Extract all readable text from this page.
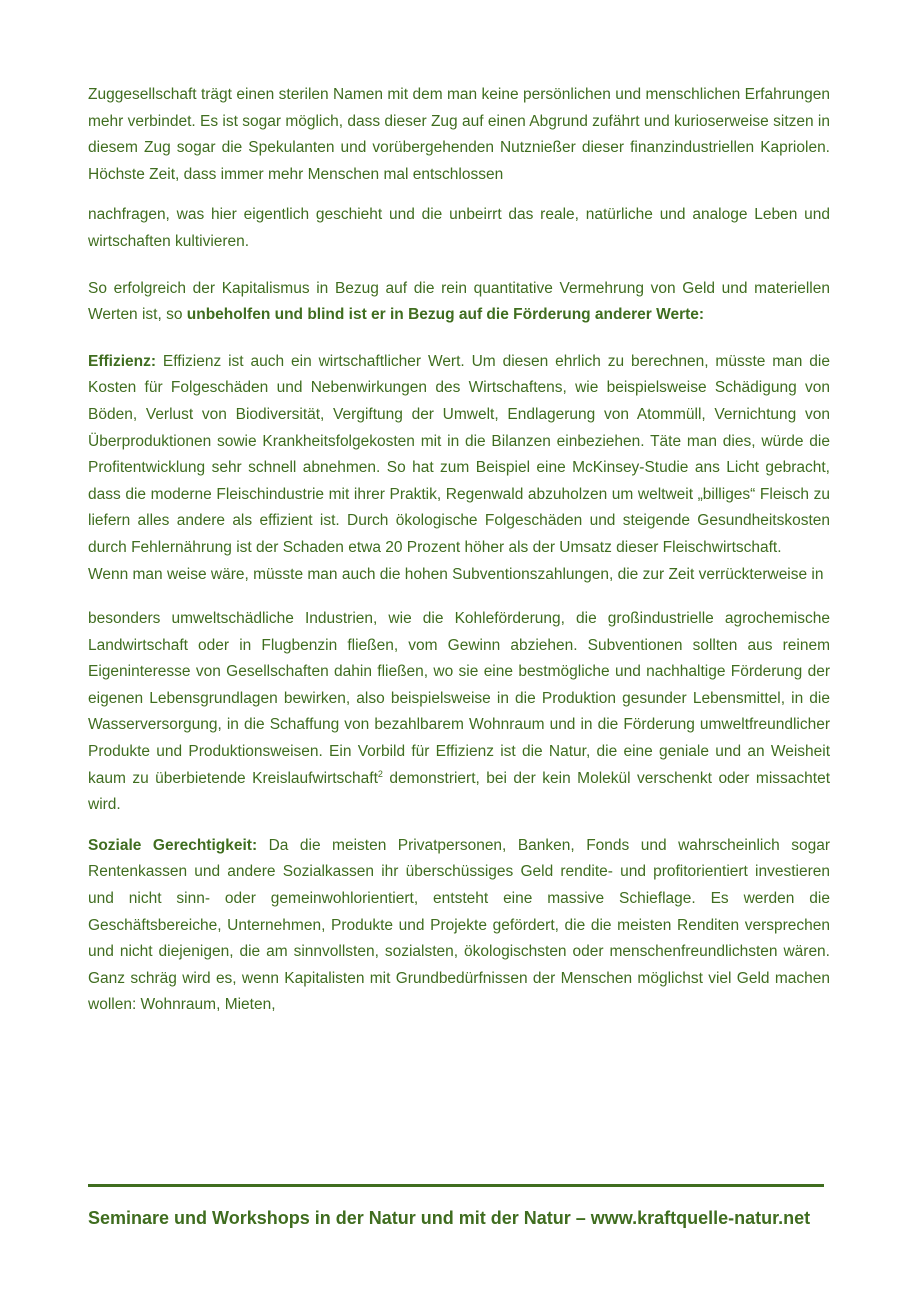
Zuggesellschaft trägt einen sterilen Namen mit dem man keine persönlichen und menschlichen Erfahrungen mehr verbindet. Es ist sogar möglich, dass dieser Zug auf einen Abgrund zufährt und kurioserweise sitzen in diesem Zug sogar die Spekulanten und vorübergehenden Nutznießer dieser finanzindustriellen Kapriolen. Höchste Zeit, dass immer mehr Menschen mal entschlossen

nachfragen, was hier eigentlich geschieht und die unbeirrt das reale, natürliche und analoge Leben und wirtschaften kultivieren.

So erfolgreich der Kapitalismus in Bezug auf die rein quantitative Vermehrung von Geld und materiellen Werten ist, so unbeholfen und blind ist er in Bezug auf die Förderung anderer Werte:

Effizienz: Effizienz ist auch ein wirtschaftlicher Wert. Um diesen ehrlich zu berechnen, müsste man die Kosten für Folgeschäden und Nebenwirkungen des Wirtschaftens, wie beispielsweise Schädigung von Böden, Verlust von Biodiversität, Vergiftung der Umwelt, Endlagerung von Atommüll, Vernichtung von Überproduktionen sowie Krankheitsfolgekosten mit in die Bilanzen einbeziehen. Täte man dies, würde die Profitentwicklung sehr schnell abnehmen. So hat zum Beispiel eine McKinsey-Studie ans Licht gebracht, dass die moderne Fleischindustrie mit ihrer Praktik, Regenwald abzuholzen um weltweit „billiges“ Fleisch zu liefern alles andere als effizient ist. Durch ökologische Folgeschäden und steigende Gesundheitskosten durch Fehlernährung ist der Schaden etwa 20 Prozent höher als der Umsatz dieser Fleischwirtschaft.

Wenn man weise wäre, müsste man auch die hohen Subventionszahlungen, die zur Zeit verrückterweise in

besonders umweltschädliche Industrien, wie die Kohleförderung, die großindustrielle agrochemische Landwirtschaft oder in Flugbenzin fließen, vom Gewinn abziehen. Subventionen sollten aus reinem Eigeninteresse von Gesellschaften dahin fließen, wo sie eine bestmögliche und nachhaltige Förderung der eigenen Lebensgrundlagen bewirken, also beispielsweise in die Produktion gesunder Lebensmittel, in die Wasserversorgung, in die Schaffung von bezahlbarem Wohnraum und in die Förderung umweltfreundlicher Produkte und Produktionsweisen. Ein Vorbild für Effizienz ist die Natur, die eine geniale und an Weisheit kaum zu überbietende Kreislaufwirtschaft$^2$ demonstriert, bei der kein Molekül verschenkt oder missachtet wird.

Soziale Gerechtigkeit: Da die meisten Privatpersonen, Banken, Fonds und wahrscheinlich sogar Rentenkassen und andere Sozialkassen ihr überschüssiges Geld rendite- und profitorientiert investieren und nicht sinn- oder gemeinwohlorientiert, entsteht eine massive Schieflage. Es werden die Geschäftsbereiche, Unternehmen, Produkte und Projekte gefördert, die die meisten Renditen versprechen und nicht diejenigen, die am sinnvollsten, sozialsten, ökologischsten oder menschenfreundlichsten wären. Ganz schräg wird es, wenn Kapitalisten mit Grundbedürfnissen der Menschen möglichst viel Geld machen wollen: Wohnraum, Mieten,

Seminare und Workshops in der Natur und mit der Natur – www.kraftquelle-natur.net
